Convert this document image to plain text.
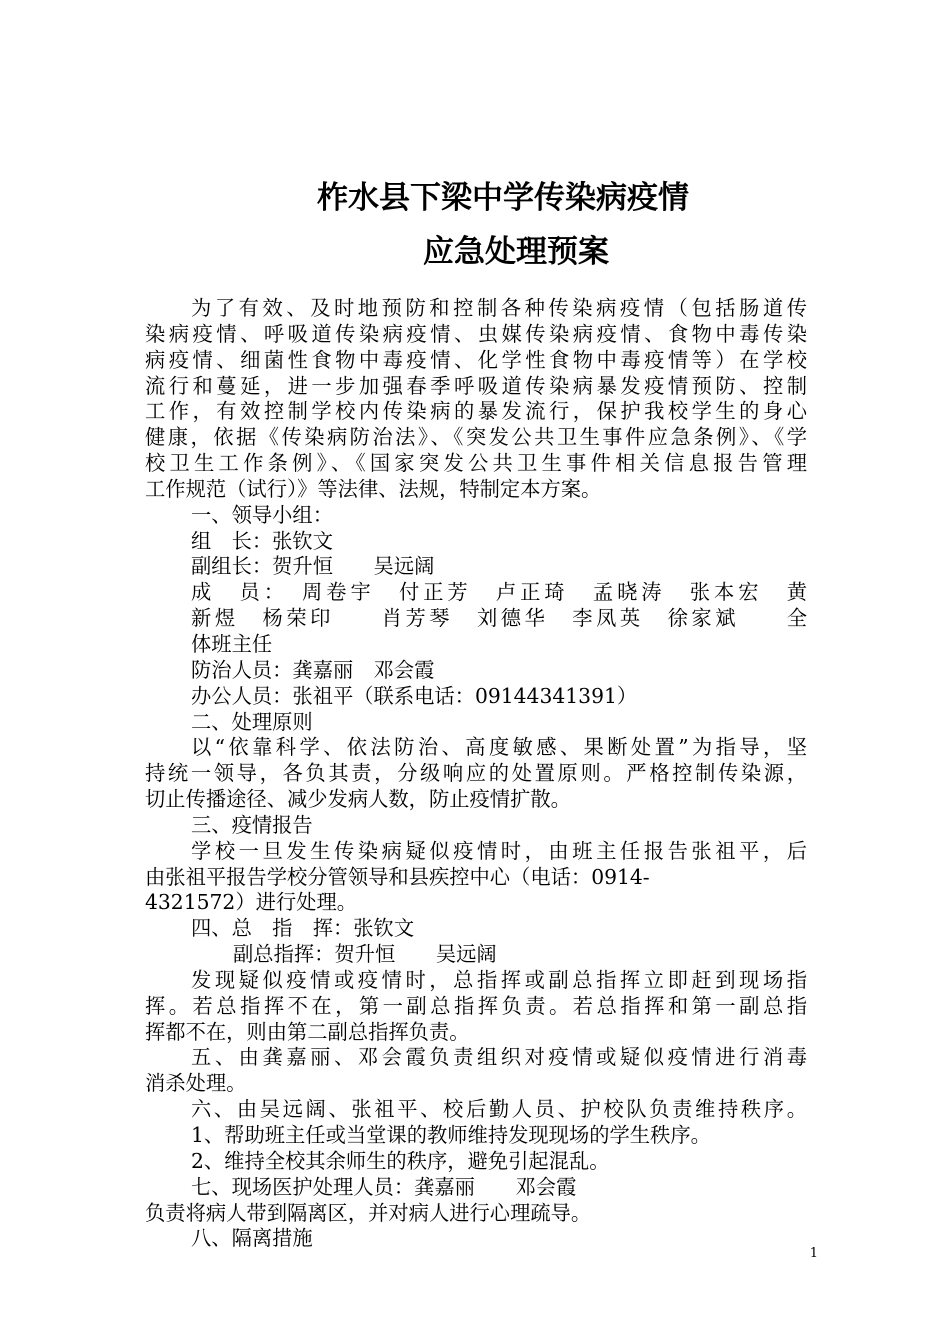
柞水县下梁中学传染病疫情
应急处理预案
为了有效、及时地预防和控制各种传染病疫情（包括肠道传
染病疫情、呼吸道传染病疫情、虫媒传染病疫情、食物中毒传染
病疫情、细菌性食物中毒疫情、化学性食物中毒疫情等）在学校
流行和蔓延，进一步加强春季呼吸道传染病暴发疫情预防、控制
工作，有效控制学校内传染病的暴发流行，保护我校学生的身心
健康，依据《传染病防治法》、《突发公共卫生事件应急条例》、《学
校卫生工作条例》、《国家突发公共卫生事件相关信息报告管理
工作规范（试行）》等法律、法规，特制定本方案。
一、领导小组：
组　长：张钦文
副组长：贺升恒　　吴远阔
成　员：　周卷宇　付正芳　卢正琦　孟晓涛　张本宏　黄
新煜　杨荣印　　肖芳琴　刘德华　李凤英　徐家斌　　全
体班主任
防治人员：龚嘉丽　邓会霞
办公人员：张祖平（联系电话：09144341391）
二、处理原则
以“依靠科学、依法防治、高度敏感、果断处置”为指导，坚
持统一领导，各负其责，分级响应的处置原则。严格控制传染源，
切止传播途径、减少发病人数，防止疫情扩散。
三、疫情报告
学校一旦发生传染病疑似疫情时，由班主任报告张祖平，后
由张祖平报告学校分管领导和县疾控中心（电话：0914-
4321572）进行处理。
四、总　指　挥：张钦文
副总指挥：贺升恒　　吴远阔
发现疑似疫情或疫情时，总指挥或副总指挥立即赶到现场指
挥。若总指挥不在，第一副总指挥负责。若总指挥和第一副总指
挥都不在，则由第二副总指挥负责。
五、由龚嘉丽、邓会霞负责组织对疫情或疑似疫情进行消毒
消杀处理。
六、由吴远阔、张祖平、校后勤人员、护校队负责维持秩序。
1、帮助班主任或当堂课的教师维持发现现场的学生秩序。
2、维持全校其余师生的秩序，避免引起混乱。
七、现场医护处理人员：龚嘉丽　　邓会霞
负责将病人带到隔离区，并对病人进行心理疏导。
八、隔离措施
1
